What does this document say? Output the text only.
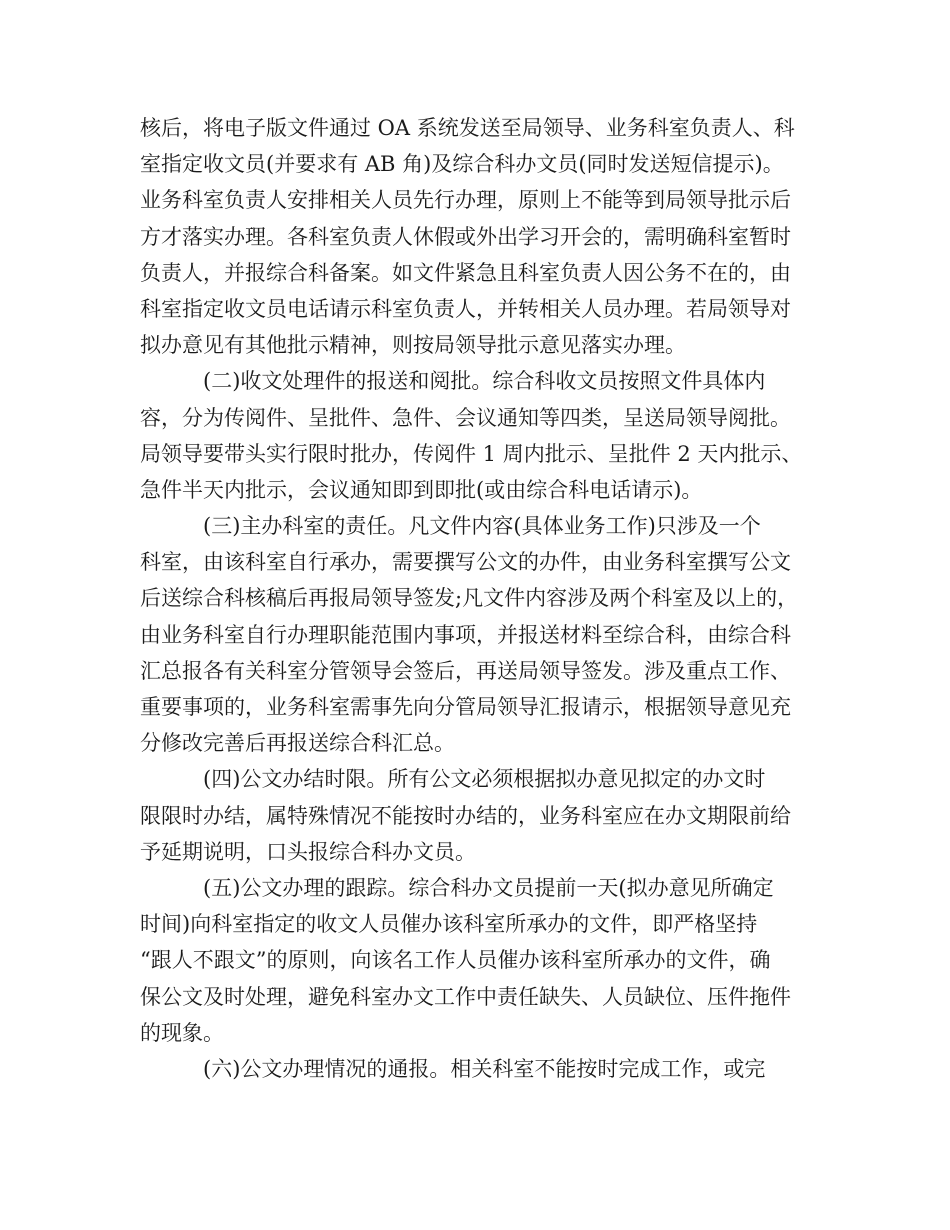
核后，将电子版文件通过 OA 系统发送至局领导、业务科室负责人、科
室指定收文员(并要求有 AB 角)及综合科办文员(同时发送短信提示)。
业务科室负责人安排相关人员先行办理，原则上不能等到局领导批示后
方才落实办理。各科室负责人休假或外出学习开会的，需明确科室暂时
负责人，并报综合科备案。如文件紧急且科室负责人因公务不在的，由
科室指定收文员电话请示科室负责人，并转相关人员办理。若局领导对
拟办意见有其他批示精神，则按局领导批示意见落实办理。
　　　(二)收文处理件的报送和阅批。综合科收文员按照文件具体内
容，分为传阅件、呈批件、急件、会议通知等四类，呈送局领导阅批。
局领导要带头实行限时批办，传阅件 1 周内批示、呈批件 2 天内批示、
急件半天内批示，会议通知即到即批(或由综合科电话请示)。
　　　(三)主办科室的责任。凡文件内容(具体业务工作)只涉及一个
科室，由该科室自行承办，需要撰写公文的办件，由业务科室撰写公文
后送综合科核稿后再报局领导签发;凡文件内容涉及两个科室及以上的，
由业务科室自行办理职能范围内事项，并报送材料至综合科，由综合科
汇总报各有关科室分管领导会签后，再送局领导签发。涉及重点工作、
重要事项的，业务科室需事先向分管局领导汇报请示，根据领导意见充
分修改完善后再报送综合科汇总。
　　　(四)公文办结时限。所有公文必须根据拟办意见拟定的办文时
限限时办结，属特殊情况不能按时办结的，业务科室应在办文期限前给
予延期说明，口头报综合科办文员。
　　　(五)公文办理的跟踪。综合科办文员提前一天(拟办意见所确定
时间)向科室指定的收文人员催办该科室所承办的文件，即严格坚持
“跟人不跟文”的原则，向该名工作人员催办该科室所承办的文件，确
保公文及时处理，避免科室办文工作中责任缺失、人员缺位、压件拖件
的现象。
　　　(六)公文办理情况的通报。相关科室不能按时完成工作，或完
